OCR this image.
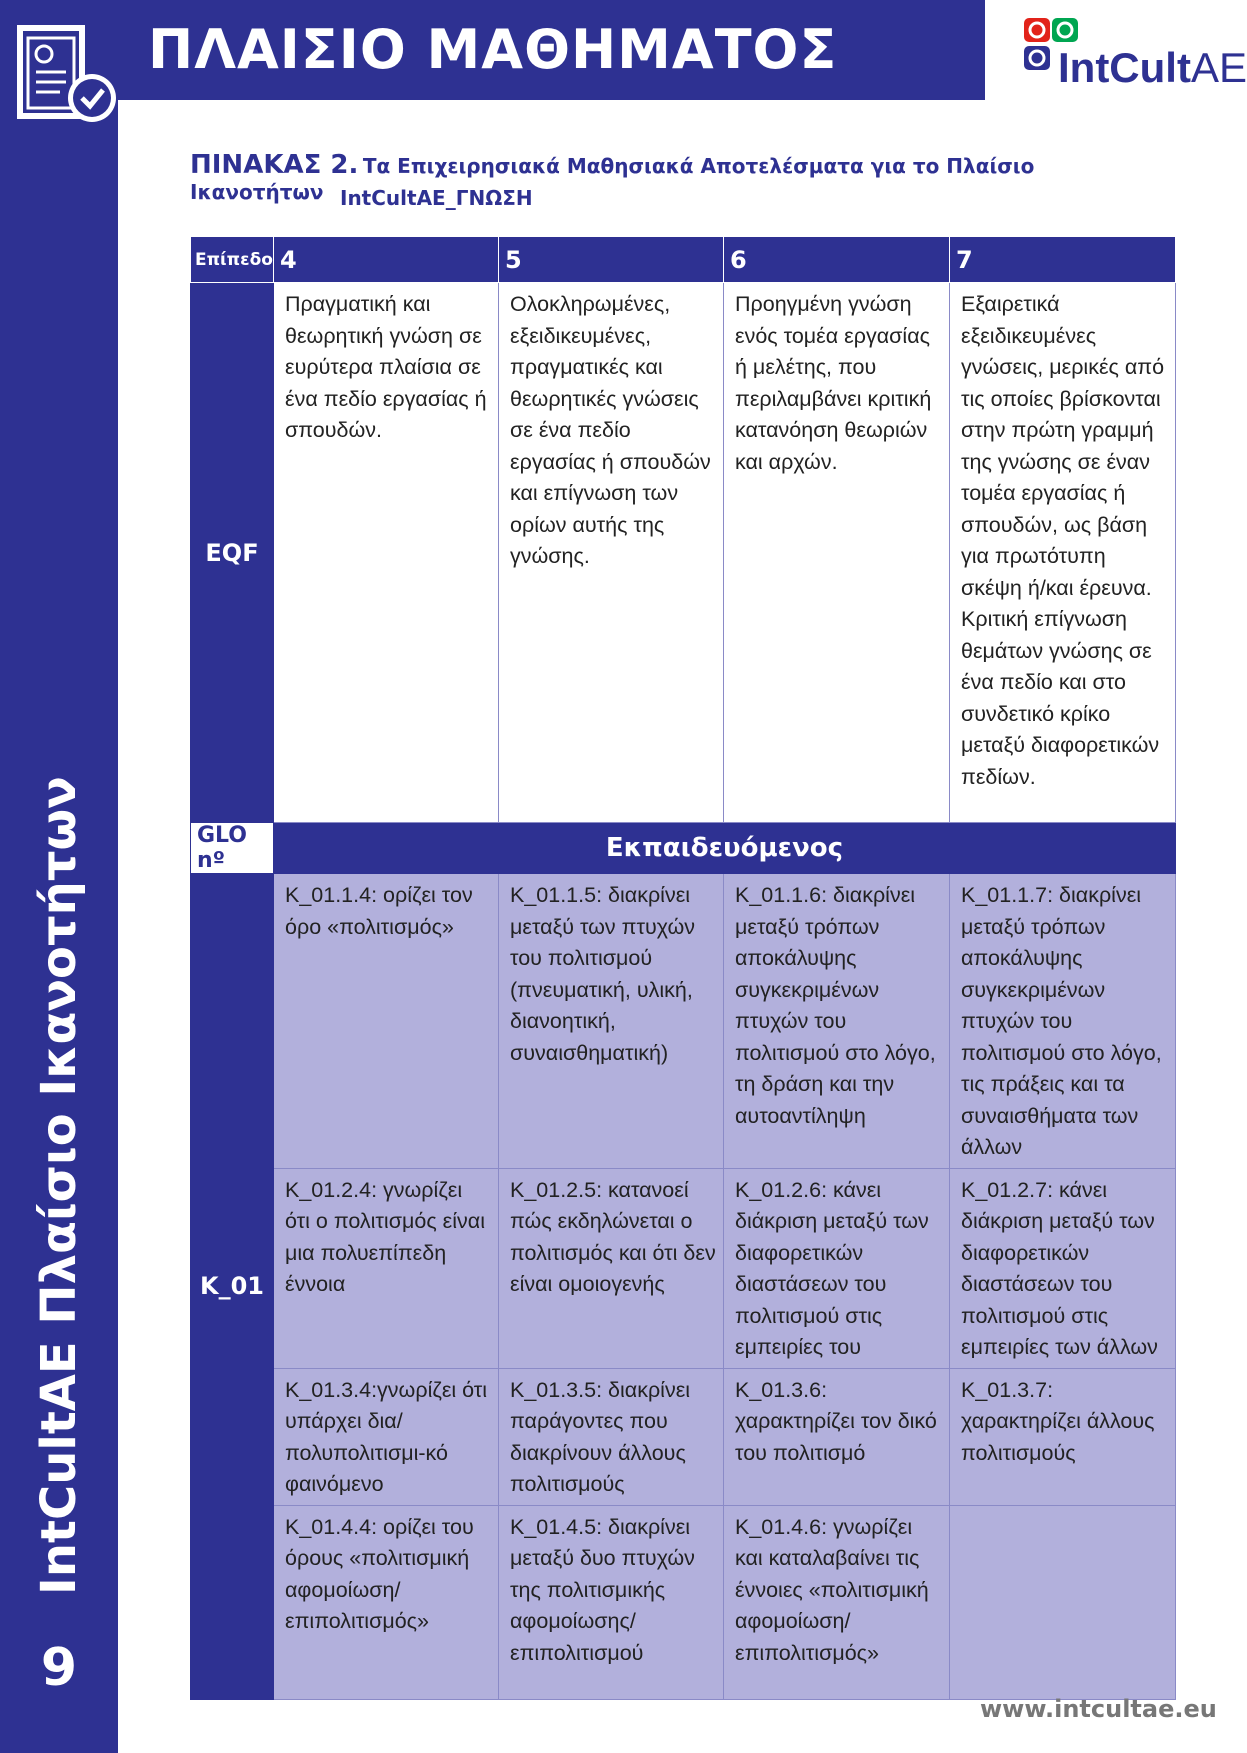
IntCultAE Πλαίσιο Ικανοτήτων
9
ΠΛΑΙΣΙΟ ΜΑΘΗΜΑΤΟΣ	IntCultAE
ΠΙΝΑΚΑΣ 2. Τα Επιχειρησιακά Μαθησιακά Αποτελέσματα για το Πλαίσιο Ικανοτήτων IntCultAE_ΓΝΩΣΗ
Επίπεδο	4	5	6	7
EQF	Πραγματική και θεωρητική γνώση σε ευρύτερα πλαίσια σε ένα πεδίο εργασίας ή σπουδών.	Ολοκληρωμένες, εξειδικευμένες, πραγματικές και θεωρητικές γνώσεις σε ένα πεδίο εργασίας ή σπουδών και επίγνωση των ορίων αυτής της γνώσης.	Προηγμένη γνώση ενός τομέα εργασίας ή μελέτης, που περιλαμβάνει κριτική κατανόηση θεωριών και αρχών.	Εξαιρετικά εξειδικευμένες γνώσεις, μερικές από τις οποίες βρίσκονται στην πρώτη γραμμή της γνώσης σε έναν τομέα εργασίας ή σπουδών, ως βάση για πρωτότυπη σκέψη ή/και έρευνα. Κριτική επίγνωση θεμάτων γνώσης σε ένα πεδίο και στο συνδετικό κρίκο μεταξύ διαφορετικών πεδίων.
GLO nº	Εκπαιδευόμενος			
K_01	K_01.1.4: ορίζει τον όρο «πολιτισμός»	K_01.1.5: διακρίνει μεταξύ των πτυχών του πολιτισμού (πνευματική, υλική, διανοητική, συναισθηματική)	K_01.1.6: διακρίνει μεταξύ τρόπων αποκάλυψης συγκεκριμένων πτυχών του πολιτισμού στο λόγο, τη δράση και την αυτοαντίληψη	K_01.1.7: διακρίνει μεταξύ τρόπων αποκάλυψης συγκεκριμένων πτυχών του πολιτισμού στο λόγο, τις πράξεις και τα συναισθήματα των άλλων
	K_01.2.4: γνωρίζει ότι ο πολιτισμός είναι μια πολυεπίπεδη έννοια	K_01.2.5: κατανοεί πώς εκδηλώνεται ο πολιτισμός και ότι δεν είναι ομοιογενής	K_01.2.6: κάνει διάκριση μεταξύ των διαφορετικών διαστάσεων του πολιτισμού στις εμπειρίες του	K_01.2.7: κάνει διάκριση μεταξύ των διαφορετικών διαστάσεων του πολιτισμού στις εμπειρίες των άλλων
	K_01.3.4:γνωρίζει ότι υπάρχει δια/ πολυπολιτισμι-κό φαινόμενο	K_01.3.5: διακρίνει παράγοντες που διακρίνουν άλλους πολιτισμούς	K_01.3.6: χαρακτηρίζει τον δικό του πολιτισμό	K_01.3.7: χαρακτηρίζει άλλους πολιτισμούς
	K_01.4.4: ορίζει του όρους «πολιτισμική αφομοίωση/ επιπολιτισμός»	K_01.4.5: διακρίνει μεταξύ δυο πτυχών της πολιτισμικής αφομοίωσης/ επιπολιτισμού	K_01.4.6: γνωρίζει και καταλαβαίνει τις έννοιες «πολιτισμική αφομοίωση/ επιπολιτισμός»	
www.intcultae.eu
